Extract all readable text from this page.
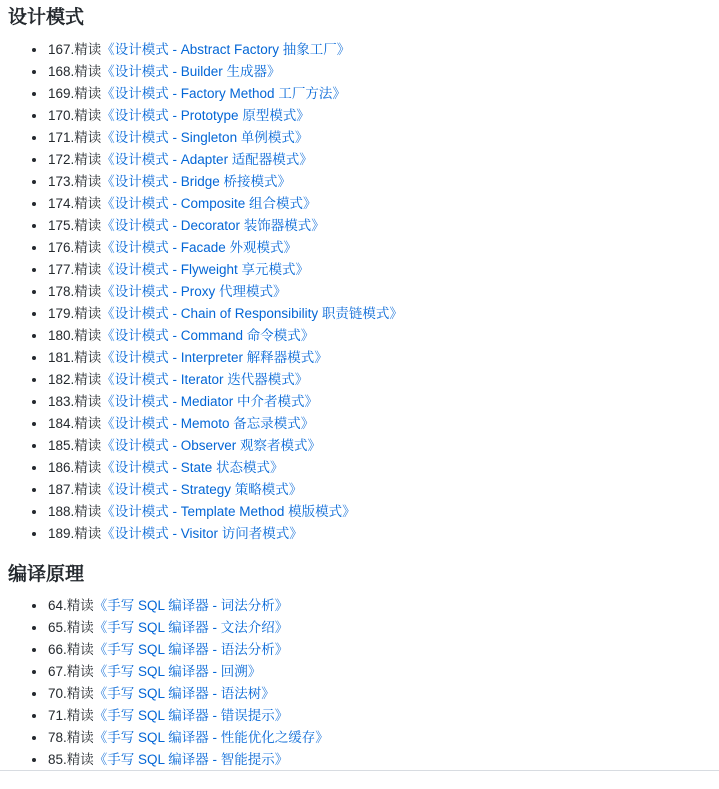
设计模式
167.精读《设计模式 - Abstract Factory 抽象工厂》
168.精读《设计模式 - Builder 生成器》
169.精读《设计模式 - Factory Method 工厂方法》
170.精读《设计模式 - Prototype 原型模式》
171.精读《设计模式 - Singleton 单例模式》
172.精读《设计模式 - Adapter 适配器模式》
173.精读《设计模式 - Bridge 桥接模式》
174.精读《设计模式 - Composite 组合模式》
175.精读《设计模式 - Decorator 装饰器模式》
176.精读《设计模式 - Facade 外观模式》
177.精读《设计模式 - Flyweight 享元模式》
178.精读《设计模式 - Proxy 代理模式》
179.精读《设计模式 - Chain of Responsibility 职责链模式》
180.精读《设计模式 - Command 命令模式》
181.精读《设计模式 - Interpreter 解释器模式》
182.精读《设计模式 - Iterator 迭代器模式》
183.精读《设计模式 - Mediator 中介者模式》
184.精读《设计模式 - Memoto 备忘录模式》
185.精读《设计模式 - Observer 观察者模式》
186.精读《设计模式 - State 状态模式》
187.精读《设计模式 - Strategy 策略模式》
188.精读《设计模式 - Template Method 模版模式》
189.精读《设计模式 - Visitor 访问者模式》
编译原理
64.精读《手写 SQL 编译器 - 词法分析》
65.精读《手写 SQL 编译器 - 文法介绍》
66.精读《手写 SQL 编译器 - 语法分析》
67.精读《手写 SQL 编译器 - 回溯》
70.精读《手写 SQL 编译器 - 语法树》
71.精读《手写 SQL 编译器 - 错误提示》
78.精读《手写 SQL 编译器 - 性能优化之缓存》
85.精读《手写 SQL 编译器 - 智能提示》
